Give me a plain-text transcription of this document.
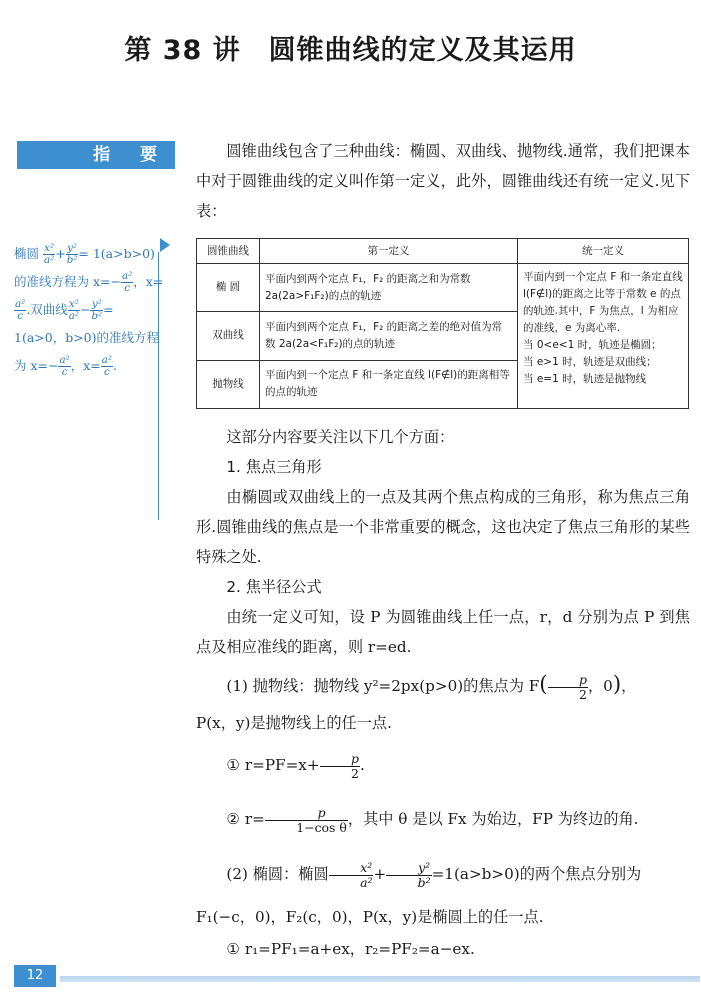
第 38 讲　圆锥曲线的定义及其运用
指 要
椭圆 $\frac{\text{x²}}{\text{a²}} + \frac{\text{y²}}{\text{b²}} = 1(a>b>0)$的准线方程为 $x=- \frac{\text{a²}}{c}$ ，x=
$\frac{\text{a²}}{c}$ .双曲线 $\frac{\text{x²}}{\text{a²}} - \frac{\text{y²}}{\text{b²}} = 1(a>0$，b>0)的准线方程为 $x=- \frac{\text{a²}}{c}$ ，$x= \frac{\text{a²}}{c}$ .
圆锥曲线包含了三种曲线：椭圆、双曲线、抛物线.通常，我们把课本中对于圆锥曲线的定义叫作第一定义，此外，圆锥曲线还有统一定义.见下表：
圆锥曲线	第一定义	统一定义
椭 圆	平面内到两个定点 F₁，F₂ 的距离之和为常数 2a(2a>F₁F₂)的点的轨迹	平面内到一个定点 F 和一条定直线 l(F∉l)的距离之比等于常数 e 的点的轨迹.其中，F 为焦点，l 为相应的准线，e 为离心率.
当 0<e<1 时，轨迹是椭圆；
当 e>1 时，轨迹是双曲线；
当 e=1 时，轨迹是抛物线

双曲线	平面内到两个定点 F₁，F₂ 的距离之差的绝对值为常数 2a(2a<F₁F₂)的点的轨迹	
抛物线	平面内到一个定点 F 和一条定直线 l(F∉l)的距离相等的点的轨迹	
这部分内容要关注以下几个方面：
1. 焦点三角形
由椭圆或双曲线上的一点及其两个焦点构成的三角形，称为焦点三角形.圆锥曲线的焦点是一个非常重要的概念，这也决定了焦点三角形的某些特殊之处.
2. 焦半径公式
由统一定义可知，设 P 为圆锥曲线上任一点，r，d 分别为点 P 到焦点及相应准线的距离，则 r=ed.
(1) 抛物线：抛物线 y²=2px(p>0)的焦点为 $F( \frac{p}{2}$ ，0)，
P(x，y)是抛物线上的任一点.
① $r=PF=x+ \frac{p}{2}$ .
② $r= \frac{p}{\text{1−cos θ}}$ ，其中 θ 是以 Fx 为始边，FP 为终边的角.
(2) 椭圆：椭圆 $\frac{\text{x²}}{\text{a²}} + \frac{\text{y²}}{\text{b²}} =1(a>b>0)$的两个焦点分别为
F₁(−c，0)，F₂(c，0)，P(x，y)是椭圆上的任一点.
① r₁=PF₁=a+ex，r₂=PF₂=a−ex.
12
